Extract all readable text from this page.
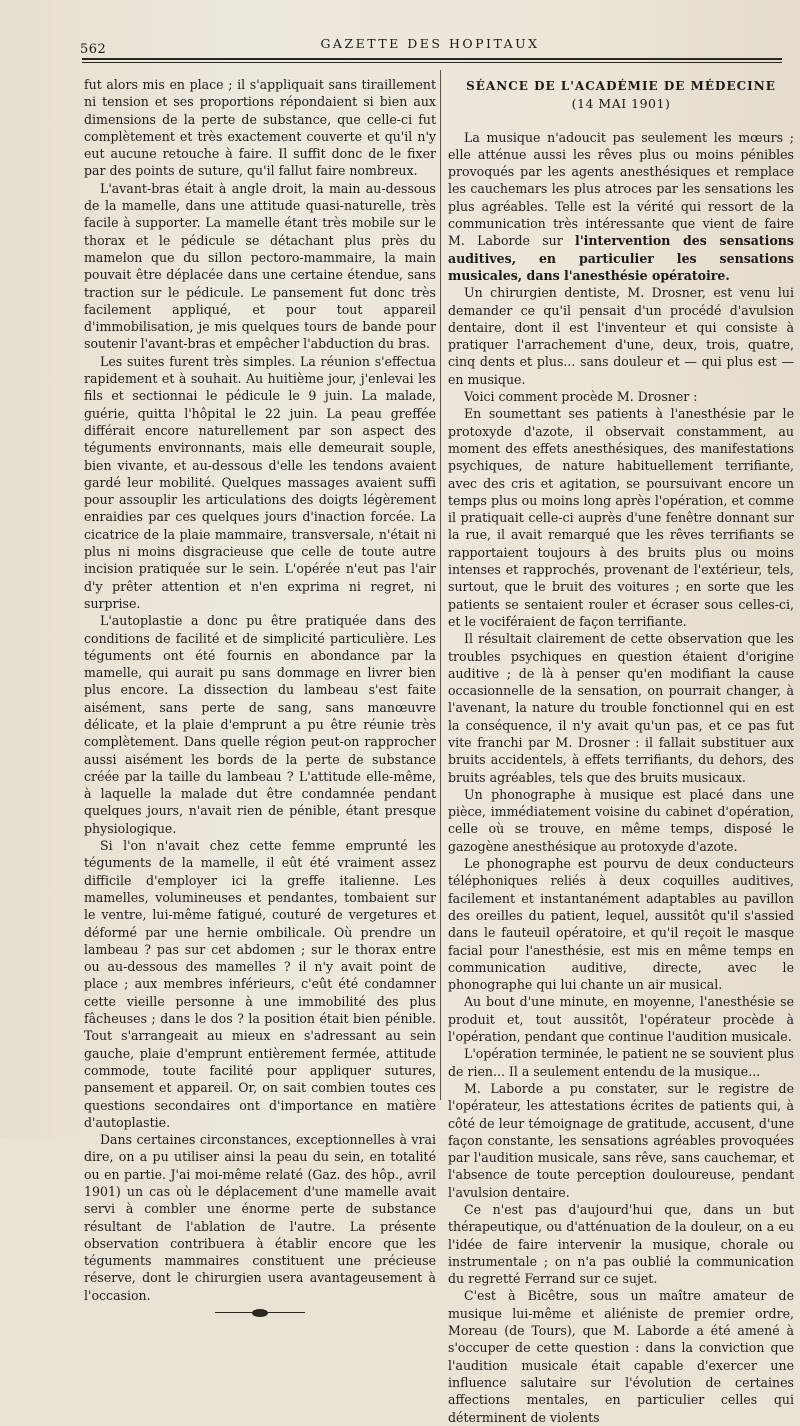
562	GAZETTE DES HOPITAUX

fut alors mis en place ; il s'appliquait sans tiraillement ni tension et ses proportions répondaient si bien aux dimensions de la perte de substance, que celle-ci fut complètement et très exactement couverte et qu'il n'y eut aucune retouche à faire. Il suffit donc de le fixer par des points de suture, qu'il fallut faire nombreux.

L'avant-bras était à angle droit, la main au-dessous de la mamelle, dans une attitude quasi-naturelle, très facile à supporter. La mamelle étant très mobile sur le thorax et le pédicule se détachant plus près du mamelon que du sillon pectoro-mammaire, la main pouvait être déplacée dans une certaine étendue, sans traction sur le pédicule. Le pansement fut donc très facilement appliqué, et pour tout appareil d'immobilisation, je mis quelques tours de bande pour soutenir l'avant-bras et empêcher l'abduction du bras.

Les suites furent très simples. La réunion s'effectua rapidement et à souhait. Au huitième jour, j'enlevai les fils et sectionnai le pédicule le 9 juin. La malade, guérie, quitta l'hôpital le 22 juin. La peau greffée différait encore naturellement par son aspect des téguments environnants, mais elle demeurait souple, bien vivante, et au-dessous d'elle les tendons avaient gardé leur mobilité. Quelques massages avaient suffi pour assouplir les articulations des doigts légèrement enraidies par ces quelques jours d'inaction forcée. La cicatrice de la plaie mammaire, transversale, n'était ni plus ni moins disgracieuse que celle de toute autre incision pratiquée sur le sein. L'opérée n'eut pas l'air d'y prêter attention et n'en exprima ni regret, ni surprise.

L'autoplastie a donc pu être pratiquée dans des conditions de facilité et de simplicité particulière. Les téguments ont été fournis en abondance par la mamelle, qui aurait pu sans dommage en livrer bien plus encore. La dissection du lambeau s'est faite aisément, sans perte de sang, sans manœuvre délicate, et la plaie d'emprunt a pu être réunie très complètement. Dans quelle région peut-on rapprocher aussi aisément les bords de la perte de substance créée par la taille du lambeau ? L'attitude elle-même, à laquelle la malade dut être condamnée pendant quelques jours, n'avait rien de pénible, étant presque physiologique.

Si l'on n'avait chez cette femme emprunté les téguments de la mamelle, il eût été vraiment assez difficile d'employer ici la greffe italienne. Les mamelles, volumineuses et pendantes, tombaient sur le ventre, lui-même fatigué, couturé de vergetures et déformé par une hernie ombilicale. Où prendre un lambeau ? pas sur cet abdomen ; sur le thorax entre ou au-dessous des mamelles ? il n'y avait point de place ; aux membres inférieurs, c'eût été condamner cette vieille personne à une immobilité des plus fâcheuses ; dans le dos ? la position était bien pénible. Tout s'arrangeait au mieux en s'adressant au sein gauche, plaie d'emprunt entièrement fermée, attitude commode, toute facilité pour appliquer sutures, pansement et appareil. Or, on sait combien toutes ces questions secondaires ont d'importance en matière d'autoplastie.

Dans certaines circonstances, exceptionnelles à vrai dire, on a pu utiliser ainsi la peau du sein, en totalité ou en partie. J'ai moi-même relaté (Gaz. des hôp., avril 1901) un cas où le déplacement d'une mamelle avait servi à combler une énorme perte de substance résultant de l'ablation de l'autre. La présente observation contribuera à établir encore que les téguments mammaires constituent une précieuse réserve, dont le chirurgien usera avantageusement à l'occasion.

SÉANCE DE L'ACADÉMIE DE MÉDECINE

(14 MAI 1901)

La musique n'adoucit pas seulement les mœurs ; elle atténue aussi les rêves plus ou moins pénibles provoqués par les agents anesthésiques et remplace les cauchemars les plus atroces par les sensations les plus agréables. Telle est la vérité qui ressort de la communication très intéressante que vient de faire M. Laborde sur l'intervention des sensations auditives, en particulier les sensations musicales, dans l'anesthésie opératoire.

Un chirurgien dentiste, M. Drosner, est venu lui demander ce qu'il pensait d'un procédé d'avulsion dentaire, dont il est l'inventeur et qui consiste à pratiquer l'arrachement d'une, deux, trois, quatre, cinq dents et plus... sans douleur et — qui plus est — en musique.

Voici comment procède M. Drosner :

En soumettant ses patients à l'anesthésie par le protoxyde d'azote, il observait constamment, au moment des effets anesthésiques, des manifestations psychiques, de nature habituellement terrifiante, avec des cris et agitation, se poursuivant encore un temps plus ou moins long après l'opération, et comme il pratiquait celle-ci auprès d'une fenêtre donnant sur la rue, il avait remarqué que les rêves terrifiants se rapportaient toujours à des bruits plus ou moins intenses et rapprochés, provenant de l'extérieur, tels, surtout, que le bruit des voitures ; en sorte que les patients se sentaient rouler et écraser sous celles-ci, et le vociféraient de façon terrifiante.

Il résultait clairement de cette observation que les troubles psychiques en question étaient d'origine auditive ; de là à penser qu'en modifiant la cause occasionnelle de la sensation, on pourrait changer, à l'avenant, la nature du trouble fonctionnel qui en est la conséquence, il n'y avait qu'un pas, et ce pas fut vite franchi par M. Drosner : il fallait substituer aux bruits accidentels, à effets terrifiants, du dehors, des bruits agréables, tels que des bruits musicaux.

Un phonographe à musique est placé dans une pièce, immédiatement voisine du cabinet d'opération, celle où se trouve, en même temps, disposé le gazogène anesthésique au protoxyde d'azote.

Le phonographe est pourvu de deux conducteurs téléphoniques reliés à deux coquilles auditives, facilement et instantanément adaptables au pavillon des oreilles du patient, lequel, aussitôt qu'il s'assied dans le fauteuil opératoire, et qu'il reçoit le masque facial pour l'anesthésie, est mis en même temps en communication auditive, directe, avec le phonographe qui lui chante un air musical.

Au bout d'une minute, en moyenne, l'anesthésie se produit et, tout aussitôt, l'opérateur procède à l'opération, pendant que continue l'audition musicale.

L'opération terminée, le patient ne se souvient plus de rien... Il a seulement entendu de la musique...

M. Laborde a pu constater, sur le registre de l'opérateur, les attestations écrites de patients qui, à côté de leur témoignage de gratitude, accusent, d'une façon constante, les sensations agréables provoquées par l'audition musicale, sans rêve, sans cauchemar, et l'absence de toute perception douloureuse, pendant l'avulsion dentaire.

Ce n'est pas d'aujourd'hui que, dans un but thérapeutique, ou d'atténuation de la douleur, on a eu l'idée de faire intervenir la musique, chorale ou instrumentale ; on n'a pas oublié la communication du regretté Ferrand sur ce sujet.

C'est à Bicêtre, sous un maître amateur de musique lui-même et aliéniste de premier ordre, Moreau (de Tours), que M. Laborde a été amené à s'occuper de cette question : dans la conviction que l'audition musicale était capable d'exercer une influence salutaire sur l'évolution de certaines affections mentales, en particulier celles qui déterminent de violents
